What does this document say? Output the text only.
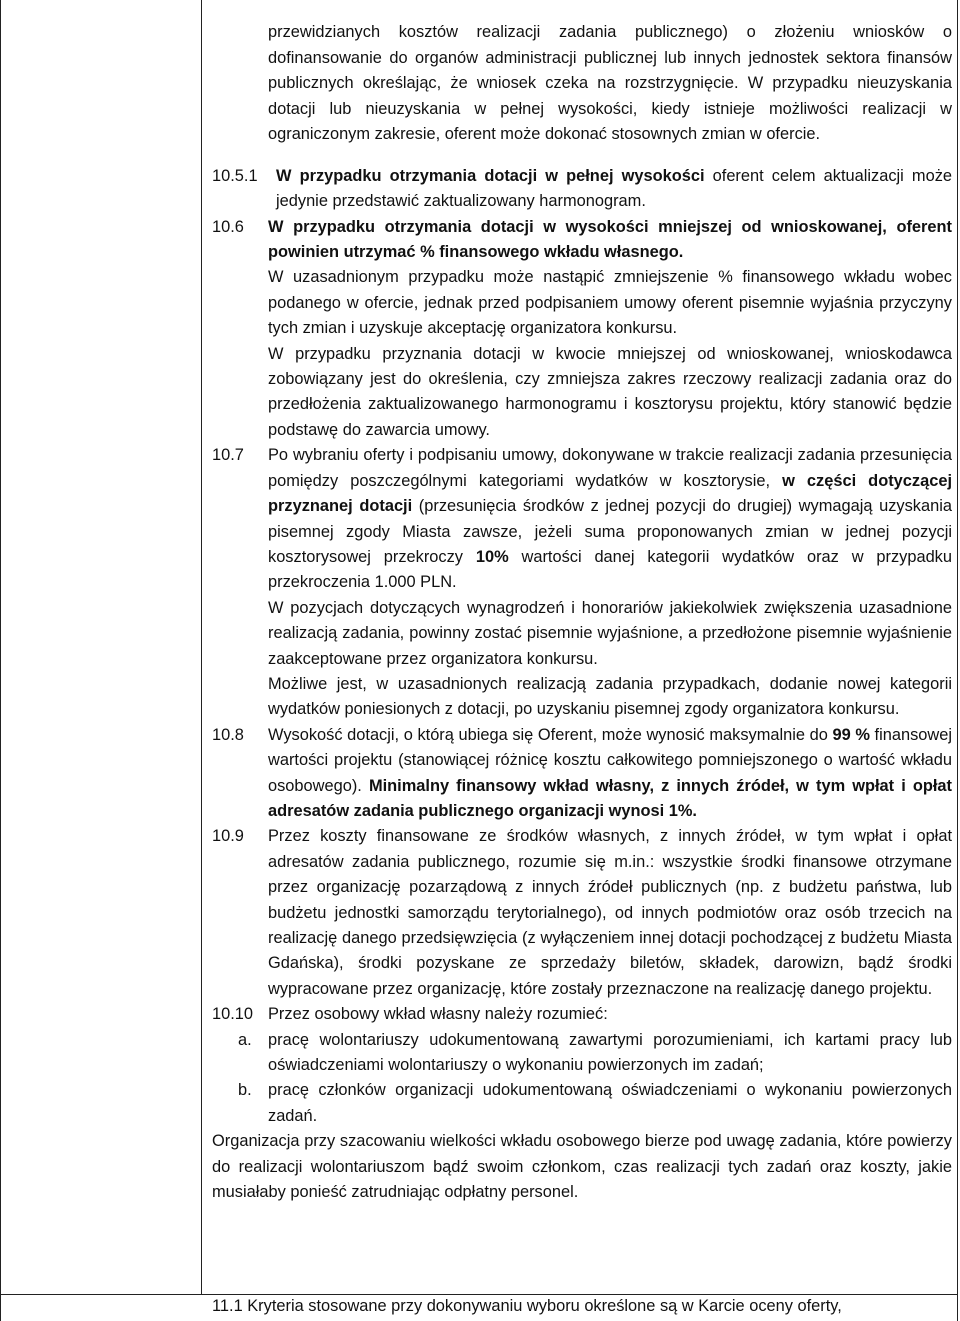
przewidzianych kosztów realizacji zadania publicznego) o złożeniu wniosków o dofinansowanie do organów administracji publicznej lub innych jednostek sektora finansów publicznych określając, że wniosek czeka na rozstrzygnięcie. W przypadku nieuzyskania dotacji lub nieuzyskania w pełnej wysokości, kiedy istnieje możliwości realizacji w ograniczonym zakresie, oferent może dokonać stosownych zmian w ofercie.

10.5.1	W przypadku otrzymania dotacji w pełnej wysokości oferent celem aktualizacji może jedynie przedstawić zaktualizowany harmonogram.
10.6	W przypadku otrzymania dotacji w wysokości mniejszej od wnioskowanej, oferent powinien utrzymać % finansowego wkładu własnego.
W uzasadnionym przypadku może nastąpić zmniejszenie % finansowego wkładu wobec podanego w ofercie, jednak przed podpisaniem umowy oferent pisemnie wyjaśnia przyczyny tych zmian i uzyskuje akceptację organizatora konkursu.
W przypadku przyznania dotacji w kwocie mniejszej od wnioskowanej, wnioskodawca zobowiązany jest do określenia, czy zmniejsza zakres rzeczowy realizacji zadania oraz do przedłożenia zaktualizowanego harmonogramu i kosztorysu projektu, który stanowić będzie podstawę do zawarcia umowy.
10.7	Po wybraniu oferty i podpisaniu umowy, dokonywane w trakcie realizacji zadania przesunięcia pomiędzy poszczególnymi kategoriami wydatków w kosztorysie, w części dotyczącej przyznanej dotacji (przesunięcia środków z jednej pozycji do drugiej) wymagają uzyskania pisemnej zgody Miasta zawsze, jeżeli suma proponowanych zmian w jednej pozycji kosztorysowej przekroczy 10% wartości danej kategorii wydatków oraz w przypadku przekroczenia 1.000 PLN.
W pozycjach dotyczących wynagrodzeń i honorariów jakiekolwiek zwiększenia uzasadnione realizacją zadania, powinny zostać pisemnie wyjaśnione, a przedłożone pisemnie wyjaśnienie zaakceptowane przez organizatora konkursu.
Możliwe jest, w uzasadnionych realizacją zadania przypadkach, dodanie nowej kategorii wydatków poniesionych z dotacji, po uzyskaniu pisemnej zgody organizatora konkursu.
10.8	Wysokość dotacji, o którą ubiega się Oferent, może wynosić maksymalnie do 99 % finansowej wartości projektu (stanowiącej różnicę kosztu całkowitego pomniejszonego o wartość wkładu osobowego). Minimalny finansowy wkład własny, z innych źródeł, w tym wpłat i opłat adresatów zadania publicznego organizacji wynosi 1%.
10.9	Przez koszty finansowane ze środków własnych, z innych źródeł, w tym wpłat i opłat adresatów zadania publicznego, rozumie się m.in.: wszystkie środki finansowe otrzymane przez organizację pozarządową z innych źródeł publicznych (np. z budżetu państwa, lub budżetu jednostki samorządu terytorialnego), od innych podmiotów oraz osób trzecich na realizację danego przedsięwzięcia (z wyłączeniem innej dotacji pochodzącej z budżetu Miasta Gdańska), środki pozyskane ze sprzedaży biletów, składek, darowizn, bądź środki wypracowane przez organizację, które zostały przeznaczone na realizację danego projektu.
10.10 Przez osobowy wkład własny należy rozumieć:
a. pracę wolontariuszy udokumentowaną zawartymi porozumieniami, ich kartami pracy lub oświadczeniami wolontariuszy o wykonaniu powierzonych im zadań;
b. pracę członków organizacji udokumentowaną oświadczeniami o wykonaniu powierzonych zadań.

Organizacja przy szacowaniu wielkości wkładu osobowego bierze pod uwagę zadania, które powierzy do realizacji wolontariuszom bądź swoim członkom, czas realizacji tych zadań oraz koszty, jakie musiałaby ponieść zatrudniając odpłatny personel.

11.1 Kryteria stosowane przy dokonywaniu wyboru określone są w Karcie oceny oferty,
